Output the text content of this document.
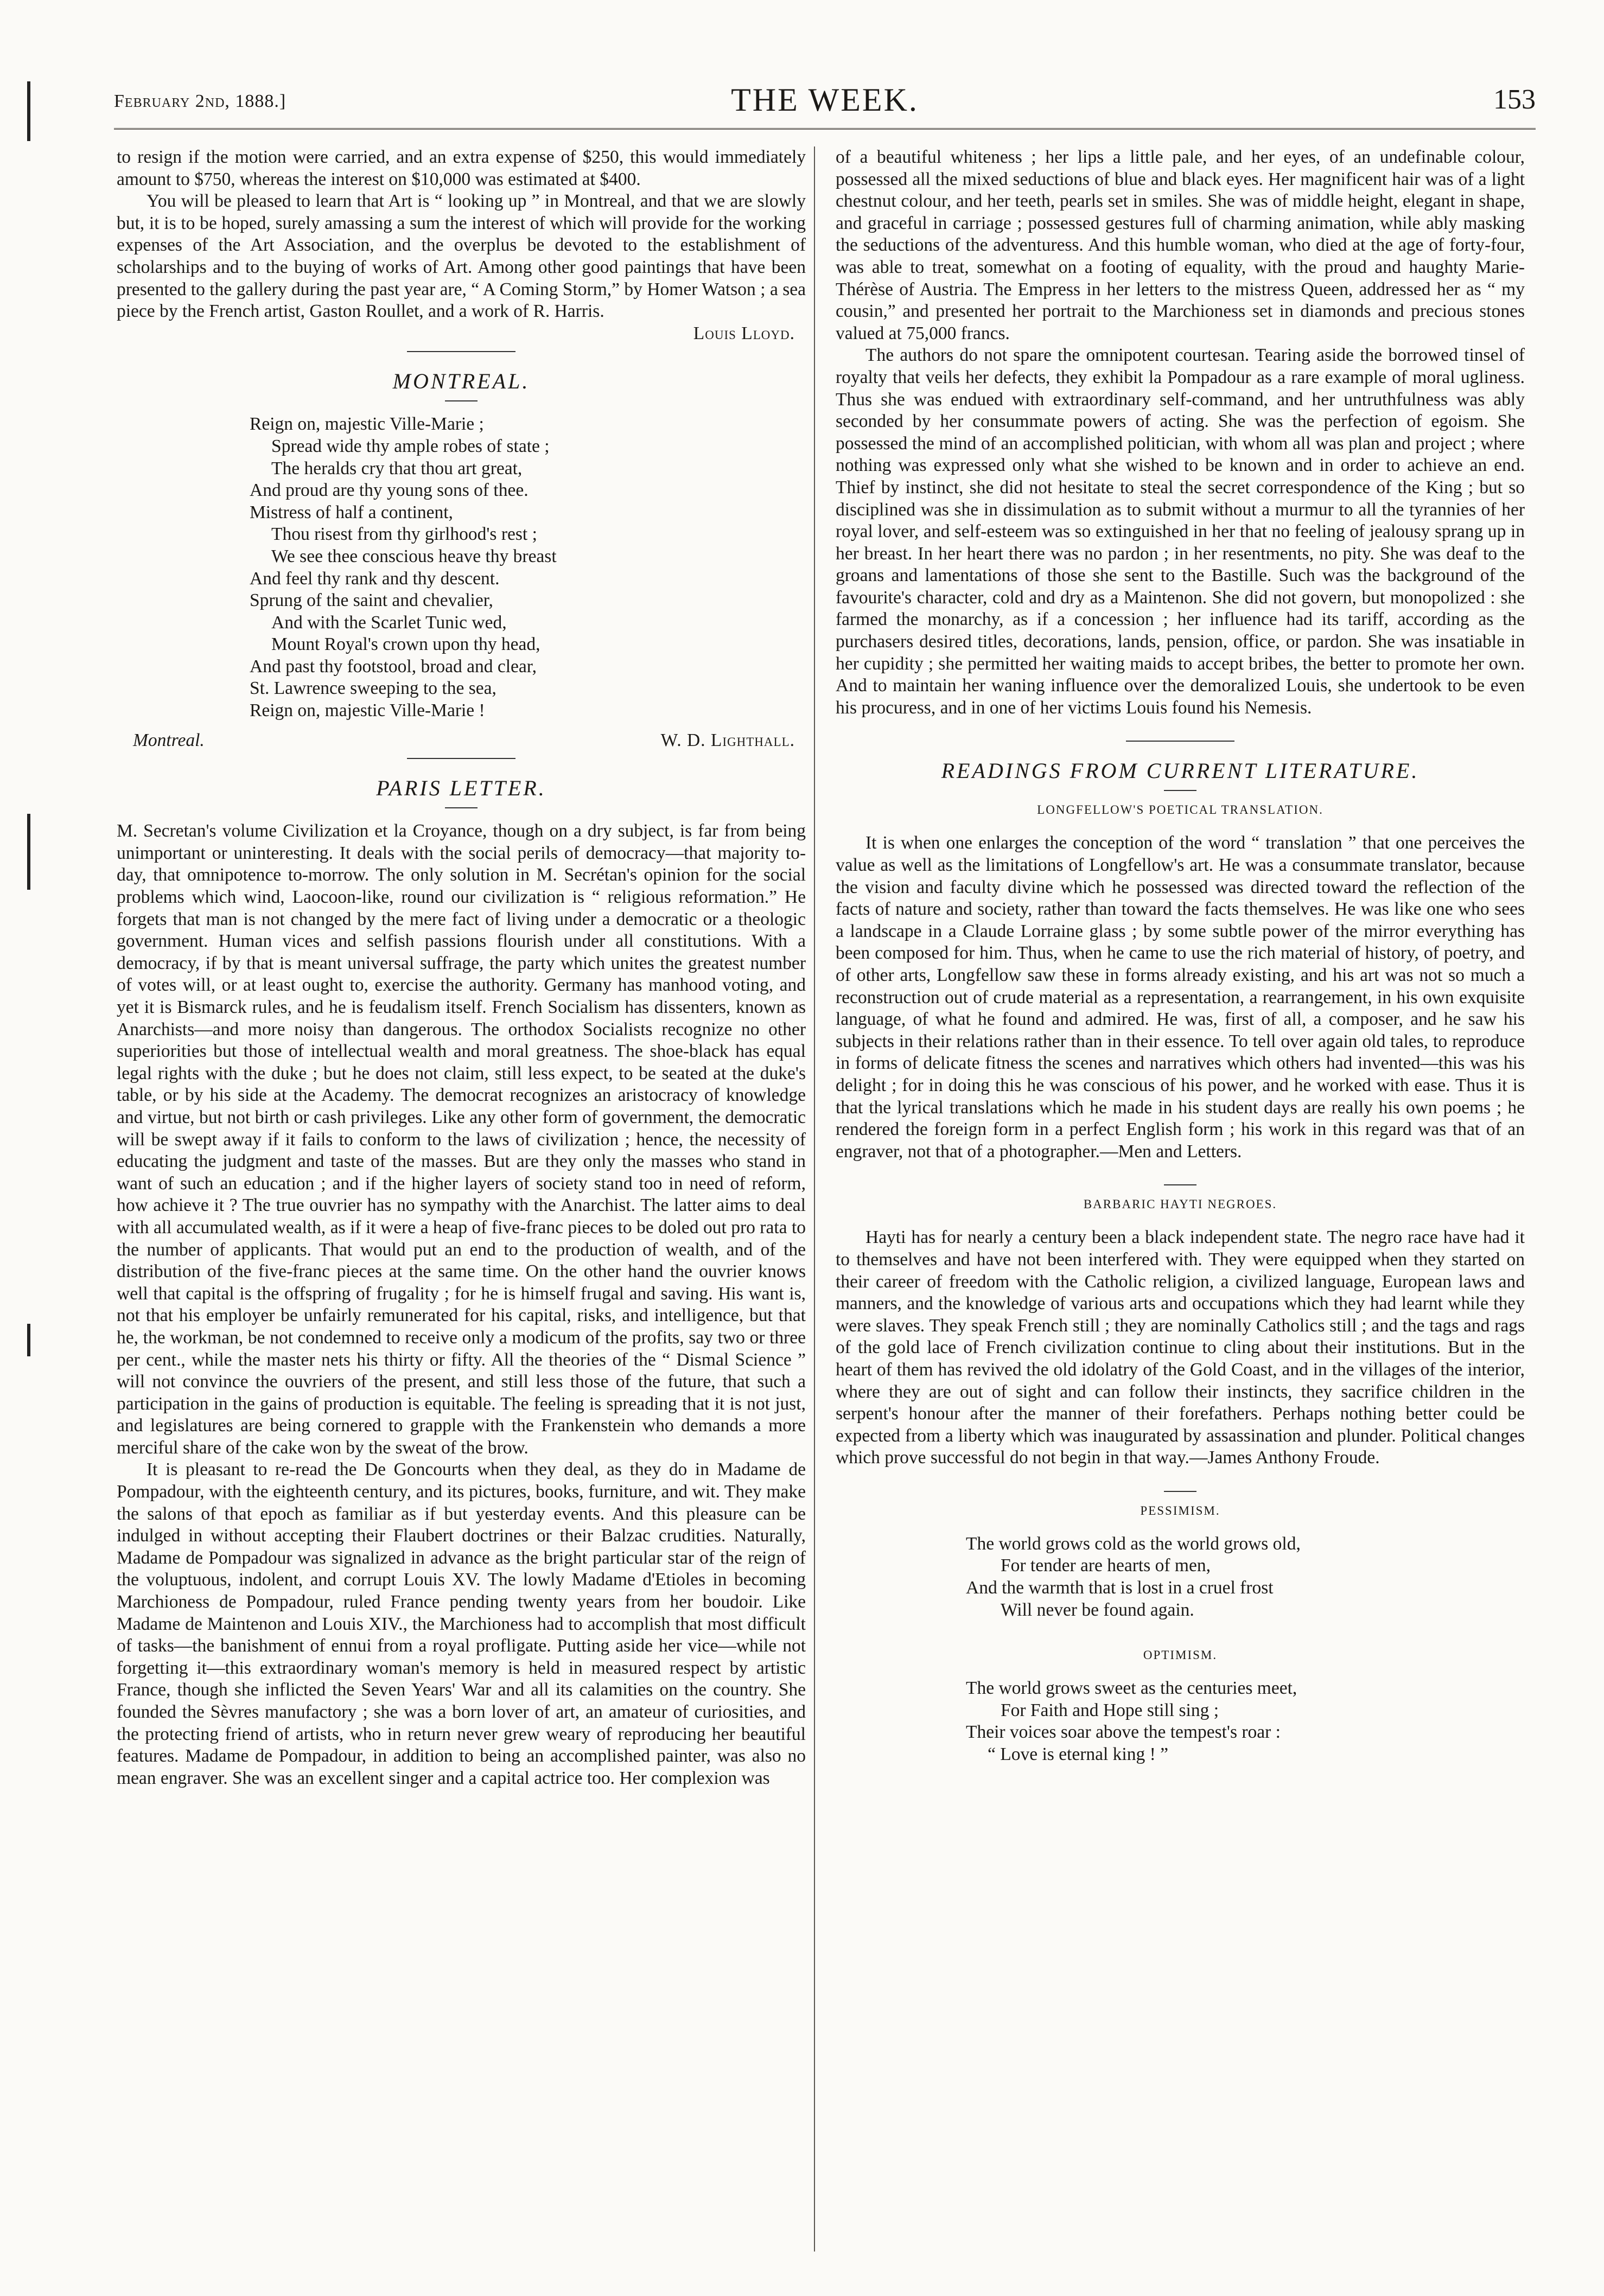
February 2nd, 1888.]	THE WEEK.	153

to resign if the motion were carried, and an extra expense of $250, this would immediately amount to $750, whereas the interest on $10,000 was estimated at $400.

You will be pleased to learn that Art is “ looking up ” in Montreal, and that we are slowly but, it is to be hoped, surely amassing a sum the interest of which will provide for the working expenses of the Art Association, and the overplus be devoted to the establishment of scholarships and to the buying of works of Art. Among other good paintings that have been presented to the gallery during the past year are, “ A Coming Storm,” by Homer Watson ; a sea piece by the French artist, Gaston Roullet, and a work of R. Harris.

Louis Lloyd.
MONTREAL.
Reign on, majestic Ville-Marie ;
Spread wide thy ample robes of state ;
The heralds cry that thou art great,
And proud are thy young sons of thee.
Mistress of half a continent,
Thou risest from thy girlhood's rest ;
We see thee conscious heave thy breast
And feel thy rank and thy descent.
Sprung of the saint and chevalier,
And with the Scarlet Tunic wed,
Mount Royal's crown upon thy head,
And past thy footstool, broad and clear,
St. Lawrence sweeping to the sea,
Reign on, majestic Ville-Marie !
Montreal.	W. D. Lighthall.
PARIS LETTER.

M. Secretan's volume Civilization et la Croyance, though on a dry subject, is far from being unimportant or uninteresting. It deals with the social perils of democracy—that majority to-day, that omnipotence to-morrow. The only solution in M. Secrétan's opinion for the social problems which wind, Laocoon-like, round our civilization is “ religious reformation.” He forgets that man is not changed by the mere fact of living under a democratic or a theologic government. Human vices and selfish passions flourish under all constitutions. With a democracy, if by that is meant universal suffrage, the party which unites the greatest number of votes will, or at least ought to, exercise the authority. Germany has manhood voting, and yet it is Bismarck rules, and he is feudalism itself. French Socialism has dissenters, known as Anarchists—and more noisy than dangerous. The orthodox Socialists recognize no other superiorities but those of intellectual wealth and moral greatness. The shoe-black has equal legal rights with the duke ; but he does not claim, still less expect, to be seated at the duke's table, or by his side at the Academy. The democrat recognizes an aristocracy of knowledge and virtue, but not birth or cash privileges. Like any other form of government, the democratic will be swept away if it fails to conform to the laws of civilization ; hence, the necessity of educating the judgment and taste of the masses. But are they only the masses who stand in want of such an education ; and if the higher layers of society stand too in need of reform, how achieve it ? The true ouvrier has no sympathy with the Anarchist. The latter aims to deal with all accumulated wealth, as if it were a heap of five-franc pieces to be doled out pro rata to the number of applicants. That would put an end to the production of wealth, and of the distribution of the five-franc pieces at the same time. On the other hand the ouvrier knows well that capital is the offspring of frugality ; for he is himself frugal and saving. His want is, not that his employer be unfairly remunerated for his capital, risks, and intelligence, but that he, the workman, be not condemned to receive only a modicum of the profits, say two or three per cent., while the master nets his thirty or fifty. All the theories of the “ Dismal Science ” will not convince the ouvriers of the present, and still less those of the future, that such a participation in the gains of production is equitable. The feeling is spreading that it is not just, and legislatures are being cornered to grapple with the Frankenstein who demands a more merciful share of the cake won by the sweat of the brow.

It is pleasant to re-read the De Goncourts when they deal, as they do in Madame de Pompadour, with the eighteenth century, and its pictures, books, furniture, and wit. They make the salons of that epoch as familiar as if but yesterday events. And this pleasure can be indulged in without accepting their Flaubert doctrines or their Balzac crudities. Naturally, Madame de Pompadour was signalized in advance as the bright particular star of the reign of the voluptuous, indolent, and corrupt Louis XV. The lowly Madame d'Etioles in becoming Marchioness de Pompadour, ruled France pending twenty years from her boudoir. Like Madame de Maintenon and Louis XIV., the Marchioness had to accomplish that most difficult of tasks—the banishment of ennui from a royal profligate. Putting aside her vice—while not forgetting it—this extraordinary woman's memory is held in measured respect by artistic France, though she inflicted the Seven Years' War and all its calamities on the country. She founded the Sèvres manufactory ; she was a born lover of art, an amateur of curiosities, and the protecting friend of artists, who in return never grew weary of reproducing her beautiful features. Madame de Pompadour, in addition to being an accomplished painter, was also no mean engraver. She was an excellent singer and a capital actrice too. Her complexion was

of a beautiful whiteness ; her lips a little pale, and her eyes, of an undefinable colour, possessed all the mixed seductions of blue and black eyes. Her magnificent hair was of a light chestnut colour, and her teeth, pearls set in smiles. She was of middle height, elegant in shape, and graceful in carriage ; possessed gestures full of charming animation, while ably masking the seductions of the adventuress. And this humble woman, who died at the age of forty-four, was able to treat, somewhat on a footing of equality, with the proud and haughty Marie-Thérèse of Austria. The Empress in her letters to the mistress Queen, addressed her as “ my cousin,” and presented her portrait to the Marchioness set in diamonds and precious stones valued at 75,000 francs.

The authors do not spare the omnipotent courtesan. Tearing aside the borrowed tinsel of royalty that veils her defects, they exhibit la Pompadour as a rare example of moral ugliness. Thus she was endued with extraordinary self-command, and her untruthfulness was ably seconded by her consummate powers of acting. She was the perfection of egoism. She possessed the mind of an accomplished politician, with whom all was plan and project ; where nothing was expressed only what she wished to be known and in order to achieve an end. Thief by instinct, she did not hesitate to steal the secret correspondence of the King ; but so disciplined was she in dissimulation as to submit without a murmur to all the tyrannies of her royal lover, and self-esteem was so extinguished in her that no feeling of jealousy sprang up in her breast. In her heart there was no pardon ; in her resentments, no pity. She was deaf to the groans and lamentations of those she sent to the Bastille. Such was the background of the favourite's character, cold and dry as a Maintenon. She did not govern, but monopolized : she farmed the monarchy, as if a concession ; her influence had its tariff, according as the purchasers desired titles, decorations, lands, pension, office, or pardon. She was insatiable in her cupidity ; she permitted her waiting maids to accept bribes, the better to promote her own. And to maintain her waning influence over the demoralized Louis, she undertook to be even his procuress, and in one of her victims Louis found his Nemesis.

READINGS FROM CURRENT LITERATURE.
LONGFELLOW'S POETICAL TRANSLATION.

It is when one enlarges the conception of the word “ translation ” that one perceives the value as well as the limitations of Longfellow's art. He was a consummate translator, because the vision and faculty divine which he possessed was directed toward the reflection of the facts of nature and society, rather than toward the facts themselves. He was like one who sees a landscape in a Claude Lorraine glass ; by some subtle power of the mirror everything has been composed for him. Thus, when he came to use the rich material of history, of poetry, and of other arts, Longfellow saw these in forms already existing, and his art was not so much a reconstruction out of crude material as a representation, a rearrangement, in his own exquisite language, of what he found and admired. He was, first of all, a composer, and he saw his subjects in their relations rather than in their essence. To tell over again old tales, to reproduce in forms of delicate fitness the scenes and narratives which others had invented—this was his delight ; for in doing this he was conscious of his power, and he worked with ease. Thus it is that the lyrical translations which he made in his student days are really his own poems ; he rendered the foreign form in a perfect English form ; his work in this regard was that of an engraver, not that of a photographer.—Men and Letters.

BARBARIC HAYTI NEGROES.

Hayti has for nearly a century been a black independent state. The negro race have had it to themselves and have not been interfered with. They were equipped when they started on their career of freedom with the Catholic religion, a civilized language, European laws and manners, and the knowledge of various arts and occupations which they had learnt while they were slaves. They speak French still ; they are nominally Catholics still ; and the tags and rags of the gold lace of French civilization continue to cling about their institutions. But in the heart of them has revived the old idolatry of the Gold Coast, and in the villages of the interior, where they are out of sight and can follow their instincts, they sacrifice children in the serpent's honour after the manner of their forefathers. Perhaps nothing better could be expected from a liberty which was inaugurated by assassination and plunder. Political changes which prove successful do not begin in that way.—James Anthony Froude.

PESSIMISM.
The world grows cold as the world grows old,
For tender are hearts of men,
And the warmth that is lost in a cruel frost
Will never be found again.
OPTIMISM.
The world grows sweet as the centuries meet,
For Faith and Hope still sing ;
Their voices soar above the tempest's roar :
“ Love is eternal king ! ”
